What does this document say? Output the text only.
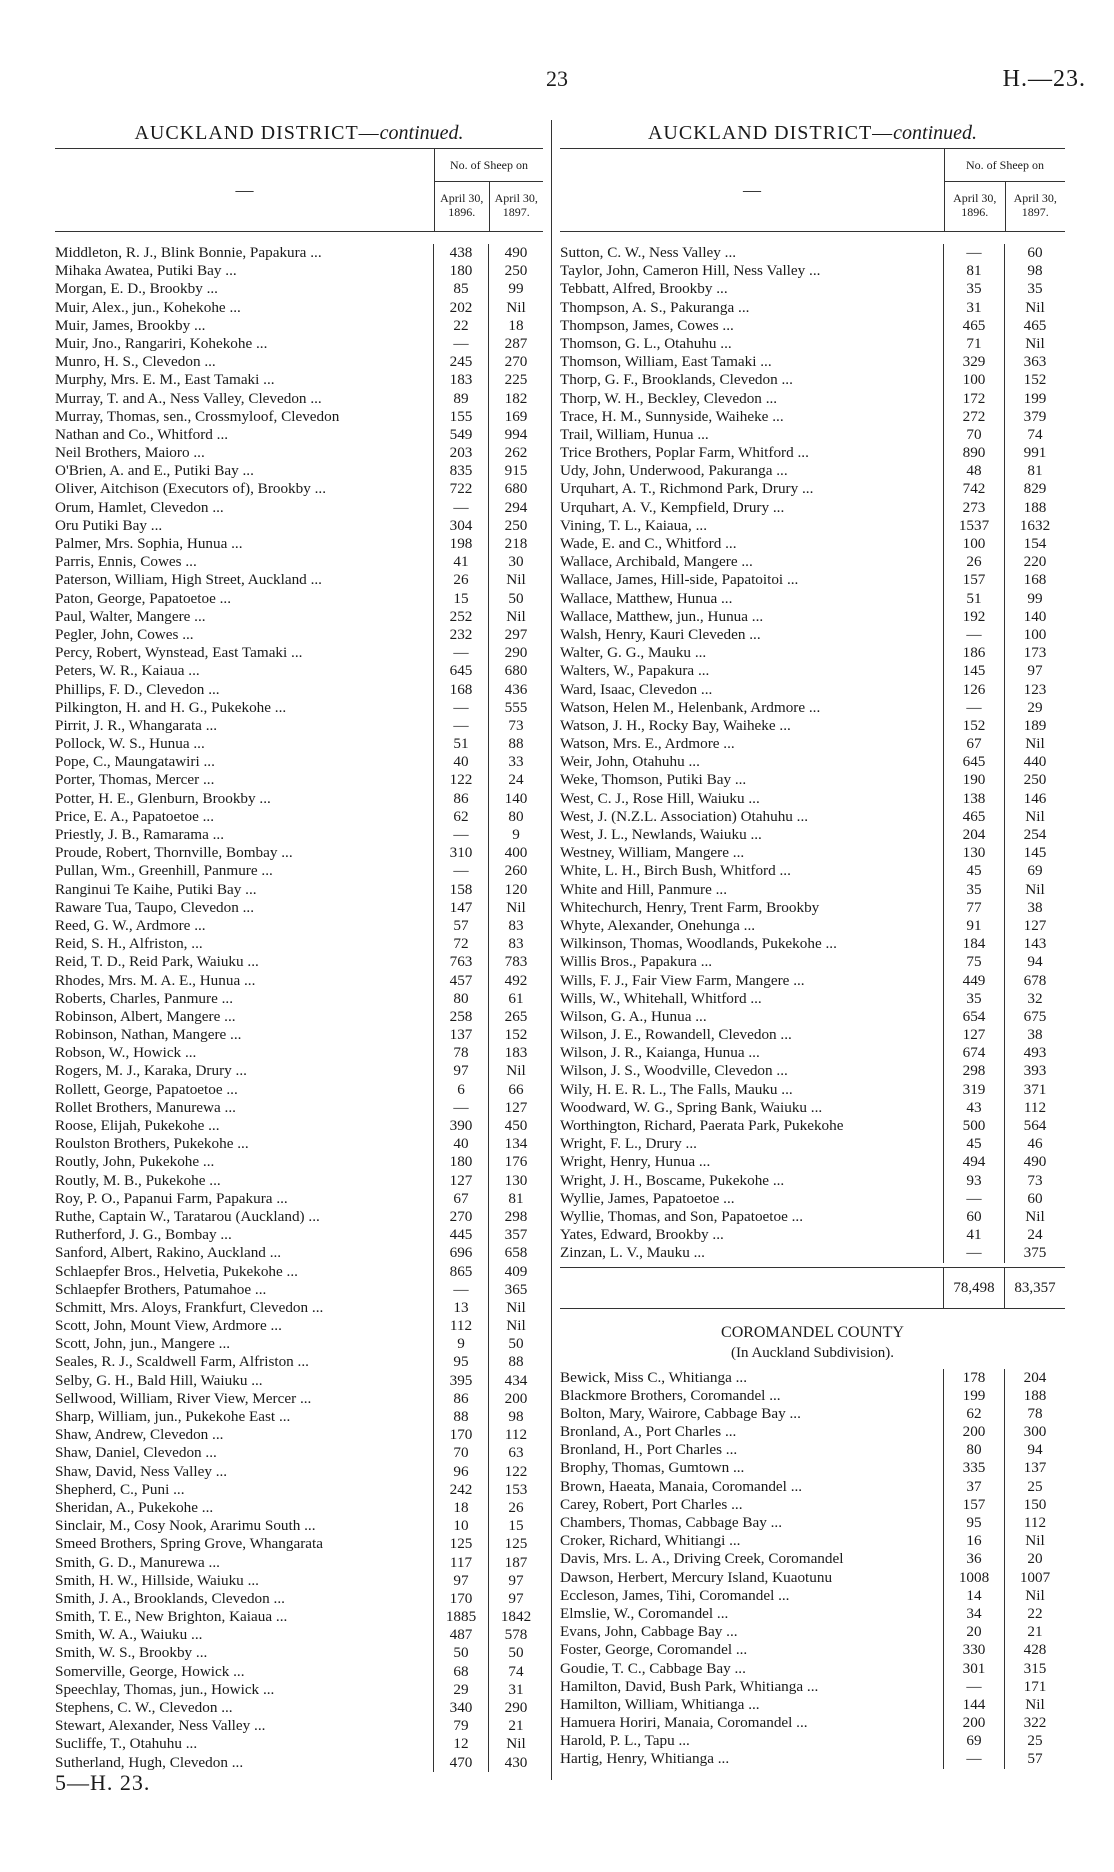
23	H.—23.
AUCKLAND DISTRICT—continued.
—
No. of Sheep on
April 30,
1896.
April 30,
1897.
Middleton, R. J., Blink Bonnie, Papakura ...	438	490
Mihaka Awatea, Putiki Bay ...	180	250
Morgan, E. D., Brookby ...	85	99
Muir, Alex., jun., Kohekohe ...	202	Nil
Muir, James, Brookby ...	22	18
Muir, Jno., Rangariri, Kohekohe ...	—	287
Munro, H. S., Clevedon ...	245	270
Murphy, Mrs. E. M., East Tamaki ...	183	225
Murray, T. and A., Ness Valley, Clevedon ...	89	182
Murray, Thomas, sen., Crossmyloof, Clevedon	155	169
Nathan and Co., Whitford ...	549	994
Neil Brothers, Maioro ...	203	262
O'Brien, A. and E., Putiki Bay ...	835	915
Oliver, Aitchison (Executors of), Brookby ...	722	680
Orum, Hamlet, Clevedon ...	—	294
Oru Putiki Bay ...	304	250
Palmer, Mrs. Sophia, Hunua ...	198	218
Parris, Ennis, Cowes ...	41	30
Paterson, William, High Street, Auckland ...	26	Nil
Paton, George, Papatoetoe ...	15	50
Paul, Walter, Mangere ...	252	Nil
Pegler, John, Cowes ...	232	297
Percy, Robert, Wynstead, East Tamaki ...	—	290
Peters, W. R., Kaiaua ...	645	680
Phillips, F. D., Clevedon ...	168	436
Pilkington, H. and H. G., Pukekohe ...	—	555
Pirrit, J. R., Whangarata ...	—	73
Pollock, W. S., Hunua ...	51	88
Pope, C., Maungatawiri ...	40	33
Porter, Thomas, Mercer ...	122	24
Potter, H. E., Glenburn, Brookby ...	86	140
Price, E. A., Papatoetoe ...	62	80
Priestly, J. B., Ramarama ...	—	9
Proude, Robert, Thornville, Bombay ...	310	400
Pullan, Wm., Greenhill, Panmure ...	—	260
Ranginui Te Kaihe, Putiki Bay ...	158	120
Raware Tua, Taupo, Clevedon ...	147	Nil
Reed, G. W., Ardmore ...	57	83
Reid, S. H., Alfriston, ...	72	83
Reid, T. D., Reid Park, Waiuku ...	763	783
Rhodes, Mrs. M. A. E., Hunua ...	457	492
Roberts, Charles, Panmure ...	80	61
Robinson, Albert, Mangere ...	258	265
Robinson, Nathan, Mangere ...	137	152
Robson, W., Howick ...	78	183
Rogers, M. J., Karaka, Drury ...	97	Nil
Rollett, George, Papatoetoe ...	6	66
Rollet Brothers, Manurewa ...	—	127
Roose, Elijah, Pukekohe ...	390	450
Roulston Brothers, Pukekohe ...	40	134
Routly, John, Pukekohe ...	180	176
Routly, M. B., Pukekohe ...	127	130
Roy, P. O., Papanui Farm, Papakura ...	67	81
Ruthe, Captain W., Taratarou (Auckland) ...	270	298
Rutherford, J. G., Bombay ...	445	357
Sanford, Albert, Rakino, Auckland ...	696	658
Schlaepfer Bros., Helvetia, Pukekohe ...	865	409
Schlaepfer Brothers, Patumahoe ...	—	365
Schmitt, Mrs. Aloys, Frankfurt, Clevedon ...	13	Nil
Scott, John, Mount View, Ardmore ...	112	Nil
Scott, John, jun., Mangere ...	9	50
Seales, R. J., Scaldwell Farm, Alfriston ...	95	88
Selby, G. H., Bald Hill, Waiuku ...	395	434
Sellwood, William, River View, Mercer ...	86	200
Sharp, William, jun., Pukekohe East ...	88	98
Shaw, Andrew, Clevedon ...	170	112
Shaw, Daniel, Clevedon ...	70	63
Shaw, David, Ness Valley ...	96	122
Shepherd, C., Puni ...	242	153
Sheridan, A., Pukekohe ...	18	26
Sinclair, M., Cosy Nook, Ararimu South ...	10	15
Smeed Brothers, Spring Grove, Whangarata	125	125
Smith, G. D., Manurewa ...	117	187
Smith, H. W., Hillside, Waiuku ...	97	97
Smith, J. A., Brooklands, Clevedon ...	170	97
Smith, T. E., New Brighton, Kaiaua ...	1885	1842
Smith, W. A., Waiuku ...	487	578
Smith, W. S., Brookby ...	50	50
Somerville, George, Howick ...	68	74
Speechlay, Thomas, jun., Howick ...	29	31
Stephens, C. W., Clevedon ...	340	290
Stewart, Alexander, Ness Valley ...	79	21
Sucliffe, T., Otahuhu ...	12	Nil
Sutherland, Hugh, Clevedon ...	470	430
AUCKLAND DISTRICT—continued.
—
No. of Sheep on
April 30,
1896.
April 30,
1897.
Sutton, C. W., Ness Valley ...	—	60
Taylor, John, Cameron Hill, Ness Valley ...	81	98
Tebbatt, Alfred, Brookby ...	35	35
Thompson, A. S., Pakuranga ...	31	Nil
Thompson, James, Cowes ...	465	465
Thomson, G. L., Otahuhu ...	71	Nil
Thomson, William, East Tamaki ...	329	363
Thorp, G. F., Brooklands, Clevedon ...	100	152
Thorp, W. H., Beckley, Clevedon ...	172	199
Trace, H. M., Sunnyside, Waiheke ...	272	379
Trail, William, Hunua ...	70	74
Trice Brothers, Poplar Farm, Whitford ...	890	991
Udy, John, Underwood, Pakuranga ...	48	81
Urquhart, A. T., Richmond Park, Drury ...	742	829
Urquhart, A. V., Kempfield, Drury ...	273	188
Vining, T. L., Kaiaua, ...	1537	1632
Wade, E. and C., Whitford ...	100	154
Wallace, Archibald, Mangere ...	26	220
Wallace, James, Hill-side, Papatoitoi ...	157	168
Wallace, Matthew, Hunua ...	51	99
Wallace, Matthew, jun., Hunua ...	192	140
Walsh, Henry, Kauri Cleveden ...	—	100
Walter, G. G., Mauku ...	186	173
Walters, W., Papakura ...	145	97
Ward, Isaac, Clevedon ...	126	123
Watson, Helen M., Helenbank, Ardmore ...	—	29
Watson, J. H., Rocky Bay, Waiheke ...	152	189
Watson, Mrs. E., Ardmore ...	67	Nil
Weir, John, Otahuhu ...	645	440
Weke, Thomson, Putiki Bay ...	190	250
West, C. J., Rose Hill, Waiuku ...	138	146
West, J. (N.Z.L. Association) Otahuhu ...	465	Nil
West, J. L., Newlands, Waiuku ...	204	254
Westney, William, Mangere ...	130	145
White, L. H., Birch Bush, Whitford ...	45	69
White and Hill, Panmure ...	35	Nil
Whitechurch, Henry, Trent Farm, Brookby	77	38
Whyte, Alexander, Onehunga ...	91	127
Wilkinson, Thomas, Woodlands, Pukekohe ...	184	143
Willis Bros., Papakura ...	75	94
Wills, F. J., Fair View Farm, Mangere ...	449	678
Wills, W., Whitehall, Whitford ...	35	32
Wilson, G. A., Hunua ...	654	675
Wilson, J. E., Rowandell, Clevedon ...	127	38
Wilson, J. R., Kaianga, Hunua ...	674	493
Wilson, J. S., Woodville, Clevedon ...	298	393
Wily, H. E. R. L., The Falls, Mauku ...	319	371
Woodward, W. G., Spring Bank, Waiuku ...	43	112
Worthington, Richard, Paerata Park, Pukekohe	500	564
Wright, F. L., Drury ...	45	46
Wright, Henry, Hunua ...	494	490
Wright, J. H., Boscame, Pukekohe ...	93	73
Wyllie, James, Papatoetoe ...	—	60
Wyllie, Thomas, and Son, Papatoetoe ...	60	Nil
Yates, Edward, Brookby ...	41	24
Zinzan, L. V., Mauku ...	—	375
78,498	83,357
COROMANDEL COUNTY
(In Auckland Subdivision).
Bewick, Miss C., Whitianga ...	178	204
Blackmore Brothers, Coromandel ...	199	188
Bolton, Mary, Wairore, Cabbage Bay ...	62	78
Bronland, A., Port Charles ...	200	300
Bronland, H., Port Charles ...	80	94
Brophy, Thomas, Gumtown ...	335	137
Brown, Haeata, Manaia, Coromandel ...	37	25
Carey, Robert, Port Charles ...	157	150
Chambers, Thomas, Cabbage Bay ...	95	112
Croker, Richard, Whitiangi ...	16	Nil
Davis, Mrs. L. A., Driving Creek, Coromandel	36	20
Dawson, Herbert, Mercury Island, Kuaotunu	1008	1007
Eccleson, James, Tihi, Coromandel ...	14	Nil
Elmslie, W., Coromandel ...	34	22
Evans, John, Cabbage Bay ...	20	21
Foster, George, Coromandel ...	330	428
Goudie, T. C., Cabbage Bay ...	301	315
Hamilton, David, Bush Park, Whitianga ...	—	171
Hamilton, William, Whitianga ...	144	Nil
Hamuera Horiri, Manaia, Coromandel ...	200	322
Harold, P. L., Tapu ...	69	25
Hartig, Henry, Whitianga ...	—	57
5—H. 23.
